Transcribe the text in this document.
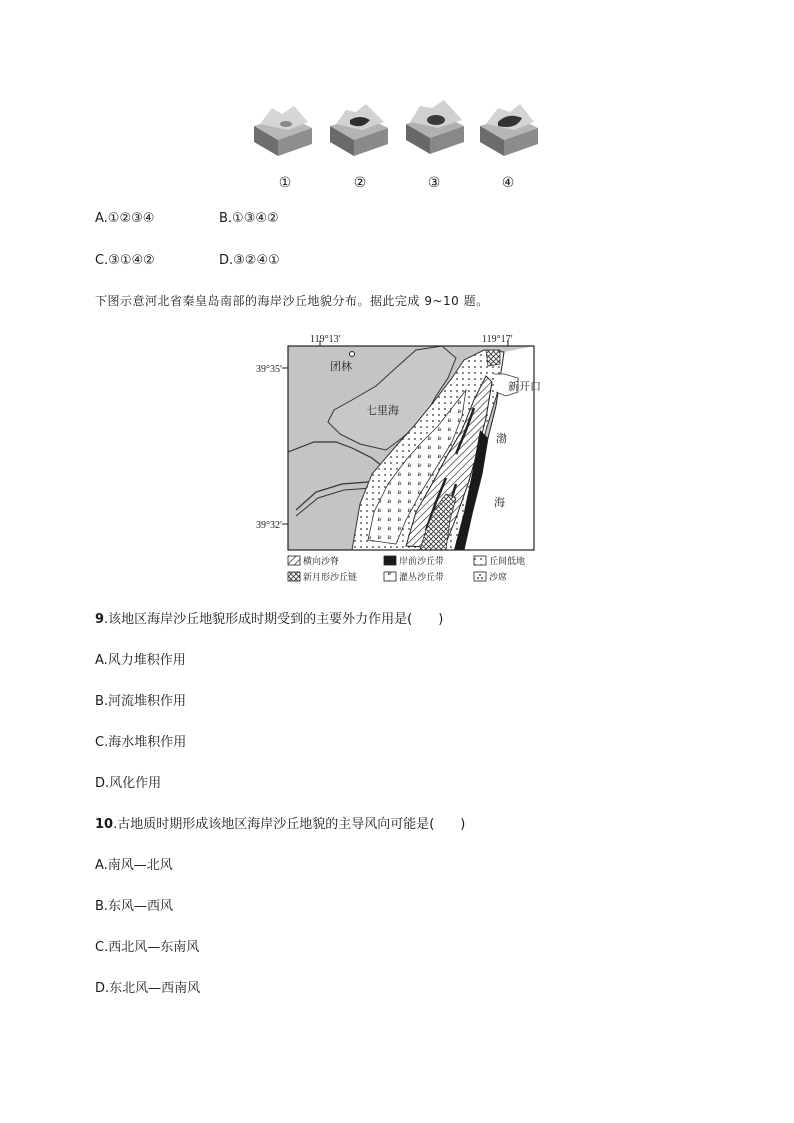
①	②	③	④
A.①②③④	B.①③④②
C.③①④②	D.③②④①
下图示意河北省秦皇岛南部的海岸沙丘地貌分布。据此完成 9~10 题。
119°13′	119°17′
39°35′
39°32′
团林
七里海
新开口
渤
海
横向沙脊	岸前沙丘带	丘间低地
新月形沙丘链	灌丛沙丘带	沙席
9.该地区海岸沙丘地貌形成时期受到的主要外力作用是(　　)
A.风力堆积作用
B.河流堆积作用
C.海水堆积作用
D.风化作用
10.古地质时期形成该地区海岸沙丘地貌的主导风向可能是(　　)
A.南风—北风
B.东风—西风
C.西北风—东南风
D.东北风—西南风
